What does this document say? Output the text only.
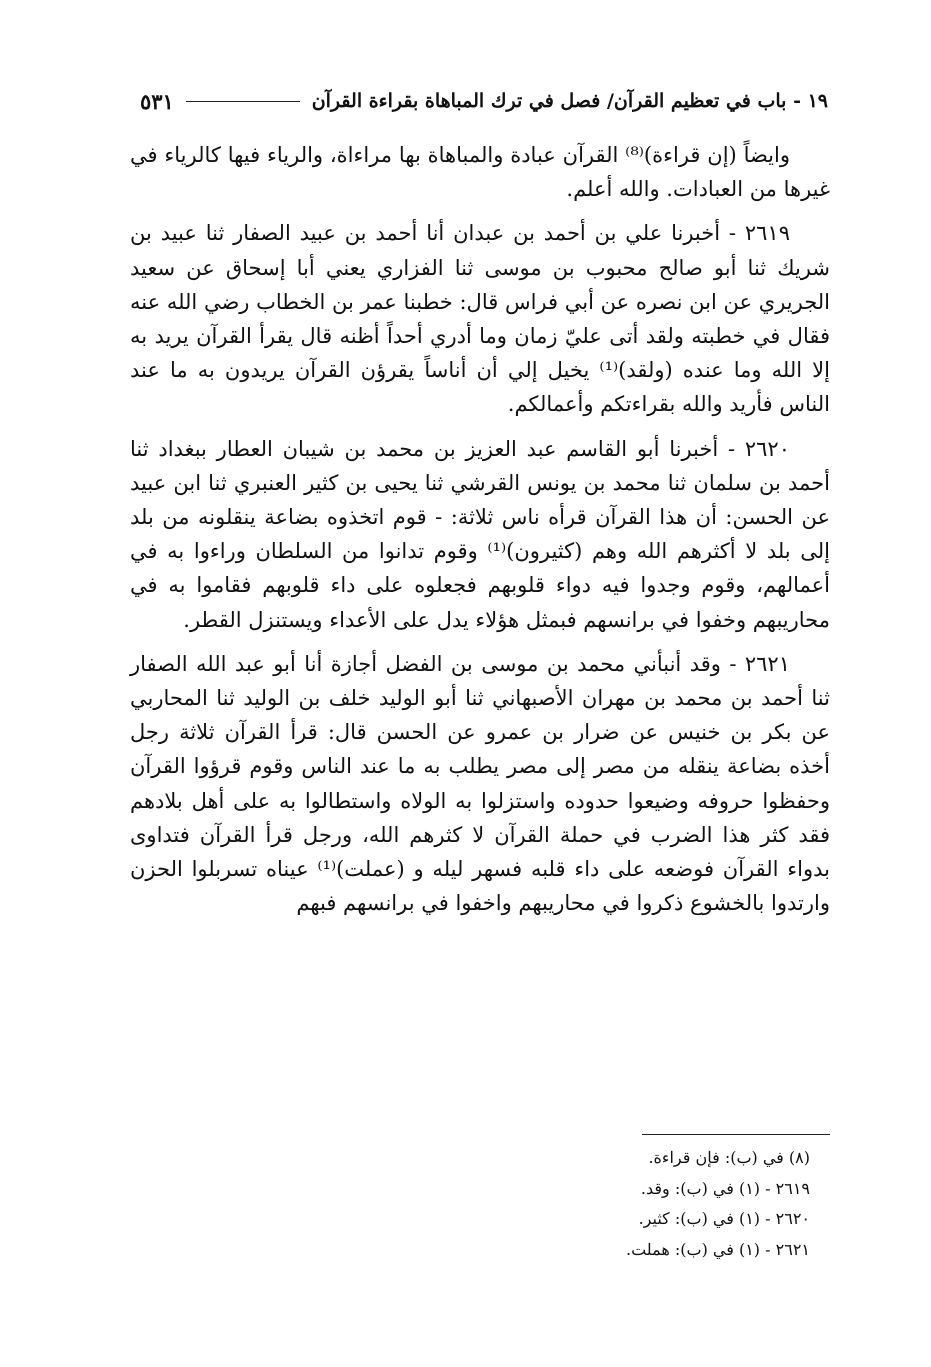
١٩ - باب في تعظيم القرآن/ فصل في ترك المباهاة بقراءة القرآن
٥٣١

وايضاً (إن قراءة)⁽⁸⁾ القرآن عبادة والمباهاة بها مراءاة، والرياء فيها كالرياء في غيرها من العبادات. والله أعلم.

٢٦١٩ - أخبرنا علي بن أحمد بن عبدان أنا أحمد بن عبيد الصفار ثنا عبيد بن شريك ثنا أبو صالح محبوب بن موسى ثنا الفزاري يعني أبا إسحاق عن سعيد الجريري عن ابن نصره عن أبي فراس قال: خطبنا عمر بن الخطاب رضي الله عنه فقال في خطبته ولقد أتى عليّ زمان وما أدري أحداً أظنه قال يقرأ القرآن يريد به إلا الله وما عنده (ولقد)⁽¹⁾ يخيل إلي أن أناساً يقرؤن القرآن يريدون به ما عند الناس فأريد والله بقراءتكم وأعمالكم.

٢٦٢٠ - أخبرنا أبو القاسم عبد العزيز بن محمد بن شيبان العطار ببغداد ثنا أحمد بن سلمان ثنا محمد بن يونس القرشي ثنا يحيى بن كثير العنبري ثنا ابن عبيد عن الحسن: أن هذا القرآن قرأه ناس ثلاثة: - قوم اتخذوه بضاعة ينقلونه من بلد إلى بلد لا أكثرهم الله وهم (كثيرون)⁽¹⁾ وقوم تدانوا من السلطان وراءوا به في أعمالهم، وقوم وجدوا فيه دواء قلوبهم فجعلوه على داء قلوبهم فقاموا به في محاريبهم وخفوا في برانسهم فبمثل هؤلاء يدل على الأعداء ويستنزل القطر.

٢٦٢١ - وقد أنبأني محمد بن موسى بن الفضل أجازة أنا أبو عبد الله الصفار ثنا أحمد بن محمد بن مهران الأصبهاني ثنا أبو الوليد خلف بن الوليد ثنا المحاربي عن بكر بن خنيس عن ضرار بن عمرو عن الحسن قال: قرأ القرآن ثلاثة رجل أخذه بضاعة ينقله من مصر إلى مصر يطلب به ما عند الناس وقوم قرؤوا القرآن وحفظوا حروفه وضيعوا حدوده واستزلوا به الولاه واستطالوا به على أهل بلادهم فقد كثر هذا الضرب في حملة القرآن لا كثرهم الله، ورجل قرأ القرآن فتداوى بدواء القرآن فوضعه على داء قلبه فسهر ليله و (عملت)⁽¹⁾ عيناه تسربلوا الحزن وارتدوا بالخشوع ذكروا في محاريبهم واخفوا في برانسهم فبهم

(٨) في (ب): فإن قراءة.
٢٦١٩ - (١) في (ب): وقد.
٢٦٢٠ - (١) في (ب): كثير.
٢٦٢١ - (١) في (ب): هملت.
